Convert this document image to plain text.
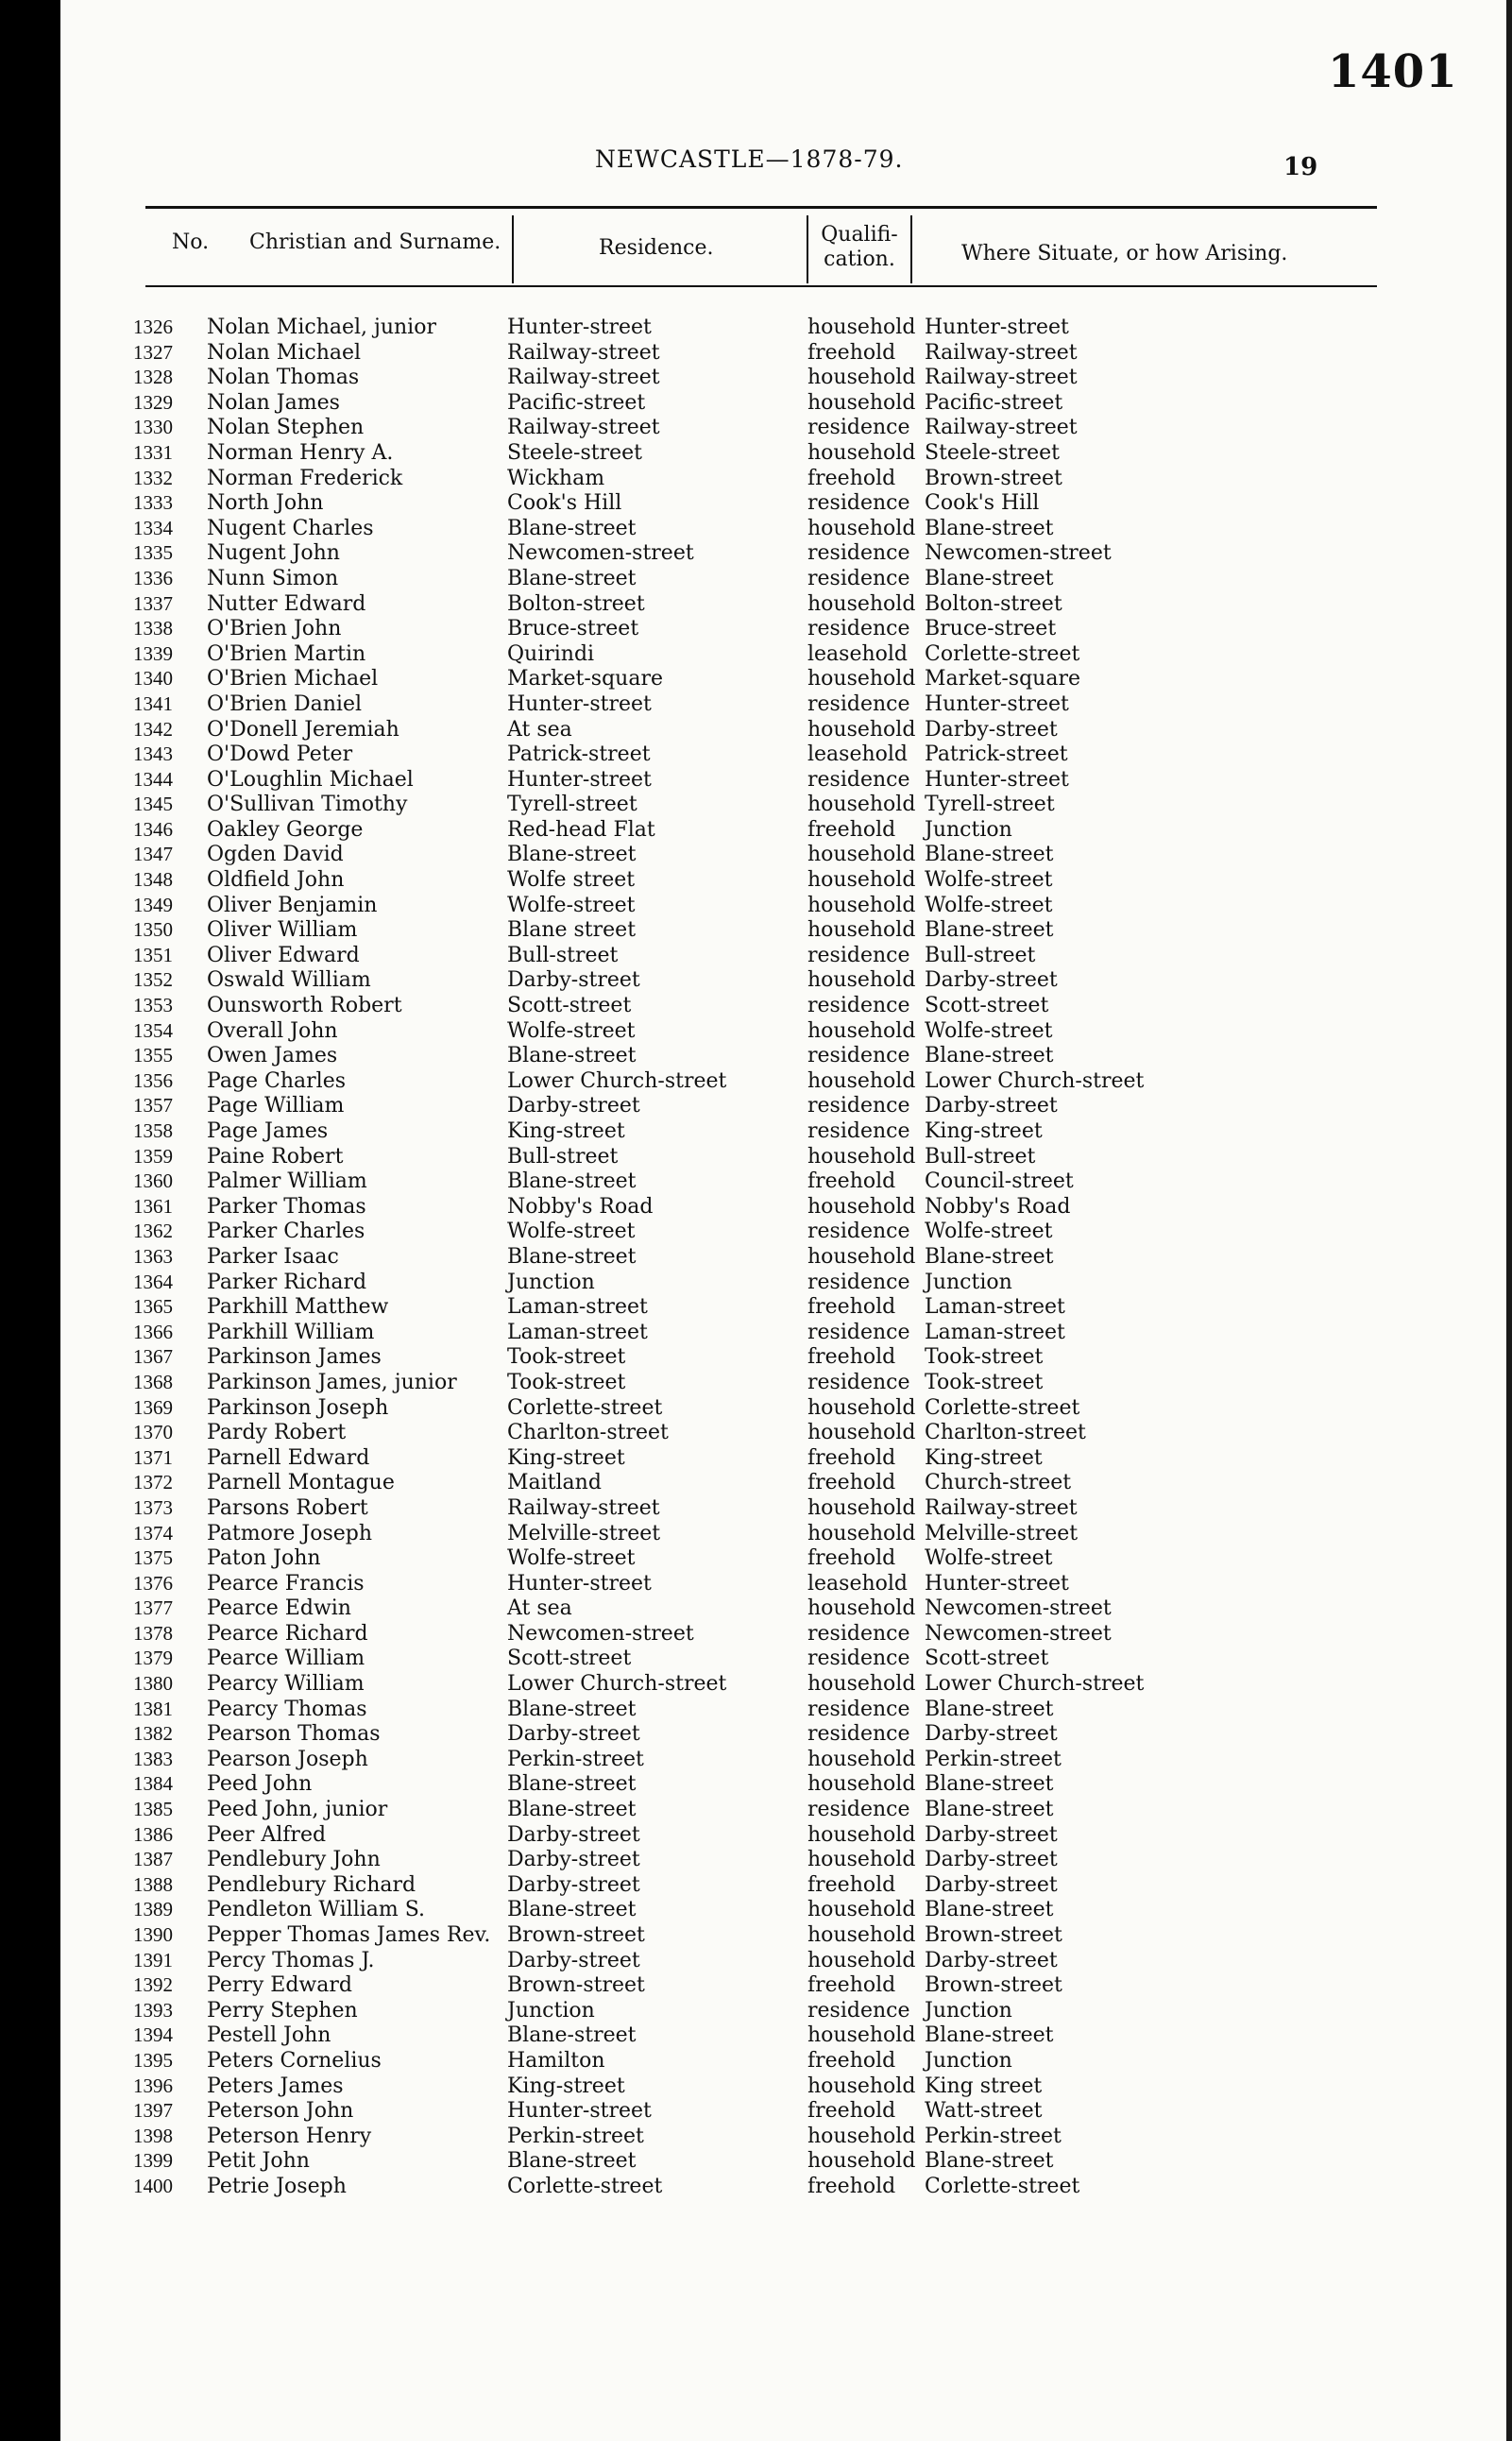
1401
NEWCASTLE—1878-79.	19
No. Christian and Surname.	Residence.
Qualifi-
cation.	Where Situate, or how Arising.
1326 Nolan Michael, junior	Hunter-street	household Hunter-street
1327 Nolan Michael	Railway-street	freehold Railway-street
1328 Nolan Thomas	Railway-street	household Railway-street
1329 Nolan James	Pacific-street	household Pacific-street
1330 Nolan Stephen	Railway-street	residence Railway-street
1331 Norman Henry A.	Steele-street	household Steele-street
1332 Norman Frederick	Wickham	freehold Brown-street
1333 North John	Cook's Hill	residence Cook's Hill
1334 Nugent Charles	Blane-street	household Blane-street
1335 Nugent John	Newcomen-street	residence Newcomen-street
1336 Nunn Simon	Blane-street	residence Blane-street
1337 Nutter Edward	Bolton-street	household Bolton-street
1338 O'Brien John	Bruce-street	residence Bruce-street
1339 O'Brien Martin	Quirindi	leasehold Corlette-street
1340 O'Brien Michael	Market-square	household Market-square
1341 O'Brien Daniel	Hunter-street	residence Hunter-street
1342 O'Donell Jeremiah	At sea	household Darby-street
1343 O'Dowd Peter	Patrick-street	leasehold Patrick-street
1344 O'Loughlin Michael	Hunter-street	residence Hunter-street
1345 O'Sullivan Timothy	Tyrell-street	household Tyrell-street
1346 Oakley George	Red-head Flat	freehold Junction
1347 Ogden David	Blane-street	household Blane-street
1348 Oldfield John	Wolfe street	household Wolfe-street
1349 Oliver Benjamin	Wolfe-street	household Wolfe-street
1350 Oliver William	Blane street	household Blane-street
1351 Oliver Edward	Bull-street	residence Bull-street
1352 Oswald William	Darby-street	household Darby-street
1353 Ounsworth Robert	Scott-street	residence Scott-street
1354 Overall John	Wolfe-street	household Wolfe-street
1355 Owen James	Blane-street	residence Blane-street
1356 Page Charles	Lower Church-street	household Lower Church-street
1357 Page William	Darby-street	residence Darby-street
1358 Page James	King-street	residence King-street
1359 Paine Robert	Bull-street	household Bull-street
1360 Palmer William	Blane-street	freehold Council-street
1361 Parker Thomas	Nobby's Road	household Nobby's Road
1362 Parker Charles	Wolfe-street	residence Wolfe-street
1363 Parker Isaac	Blane-street	household Blane-street
1364 Parker Richard	Junction	residence Junction
1365 Parkhill Matthew	Laman-street	freehold Laman-street
1366 Parkhill William	Laman-street	residence Laman-street
1367 Parkinson James	Took-street	freehold Took-street
1368 Parkinson James, junior Took-street	residence Took-street
1369 Parkinson Joseph	Corlette-street	household Corlette-street
1370 Pardy Robert	Charlton-street	household Charlton-street
1371 Parnell Edward	King-street	freehold King-street
1372 Parnell Montague	Maitland	freehold Church-street
1373 Parsons Robert	Railway-street	household Railway-street
1374 Patmore Joseph	Melville-street	household Melville-street
1375 Paton John	Wolfe-street	freehold Wolfe-street
1376 Pearce Francis	Hunter-street	leasehold Hunter-street
1377 Pearce Edwin	At sea	household Newcomen-street
1378 Pearce Richard	Newcomen-street	residence Newcomen-street
1379 Pearce William	Scott-street	residence Scott-street
1380 Pearcy William	Lower Church-street	household Lower Church-street
1381 Pearcy Thomas	Blane-street	residence Blane-street
1382 Pearson Thomas	Darby-street	residence Darby-street
1383 Pearson Joseph	Perkin-street	household Perkin-street
1384 Peed John	Blane-street	household Blane-street
1385 Peed John, junior	Blane-street	residence Blane-street
1386 Peer Alfred	Darby-street	household Darby-street
1387 Pendlebury John	Darby-street	household Darby-street
1388 Pendlebury Richard	Darby-street	freehold Darby-street
1389 Pendleton William S.	Blane-street	household Blane-street
1390 Pepper Thomas James Rev. Brown-street	household Brown-street
1391 Percy Thomas J.	Darby-street	household Darby-street
1392 Perry Edward	Brown-street	freehold Brown-street
1393 Perry Stephen	Junction	residence Junction
1394 Pestell John	Blane-street	household Blane-street
1395 Peters Cornelius	Hamilton	freehold Junction
1396 Peters James	King-street	household King street
1397 Peterson John	Hunter-street	freehold Watt-street
1398 Peterson Henry	Perkin-street	household Perkin-street
1399 Petit John	Blane-street	household Blane-street
1400 Petrie Joseph	Corlette-street	freehold Corlette-street
